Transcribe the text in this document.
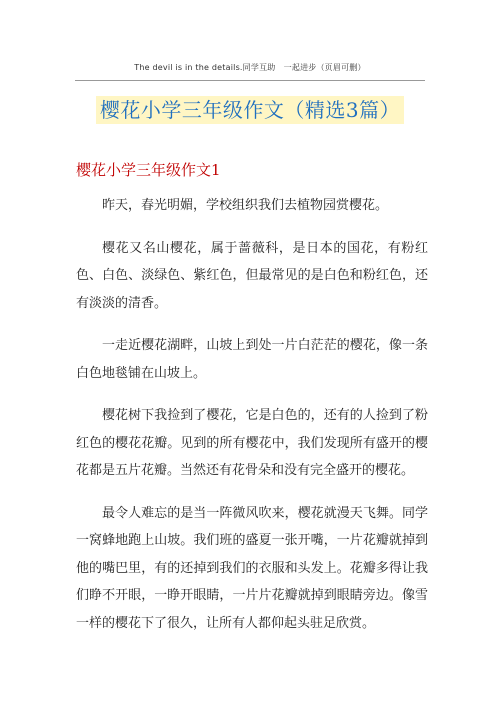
The devil is in the details.同学互助　一起进步（页眉可删）
樱花小学三年级作文（精选3篇）
樱花小学三年级作文1

昨天，春光明媚，学校组织我们去植物园赏樱花。

樱花又名山樱花，属于蔷薇科，是日本的国花，有粉红色、白色、淡绿色、紫红色，但最常见的是白色和粉红色，还有淡淡的清香。

一走近樱花湖畔，山坡上到处一片白茫茫的樱花，像一条白色地毯铺在山坡上。

樱花树下我捡到了樱花，它是白色的，还有的人捡到了粉红色的樱花花瓣。见到的所有樱花中，我们发现所有盛开的樱花都是五片花瓣。当然还有花骨朵和没有完全盛开的樱花。

最令人难忘的是当一阵微风吹来，樱花就漫天飞舞。同学一窝蜂地跑上山坡。我们班的盛夏一张开嘴，一片花瓣就掉到他的嘴巴里，有的还掉到我们的衣服和头发上。花瓣多得让我们睁不开眼，一睁开眼睛，一片片花瓣就掉到眼睛旁边。像雪一样的樱花下了很久，让所有人都仰起头驻足欣赏。
